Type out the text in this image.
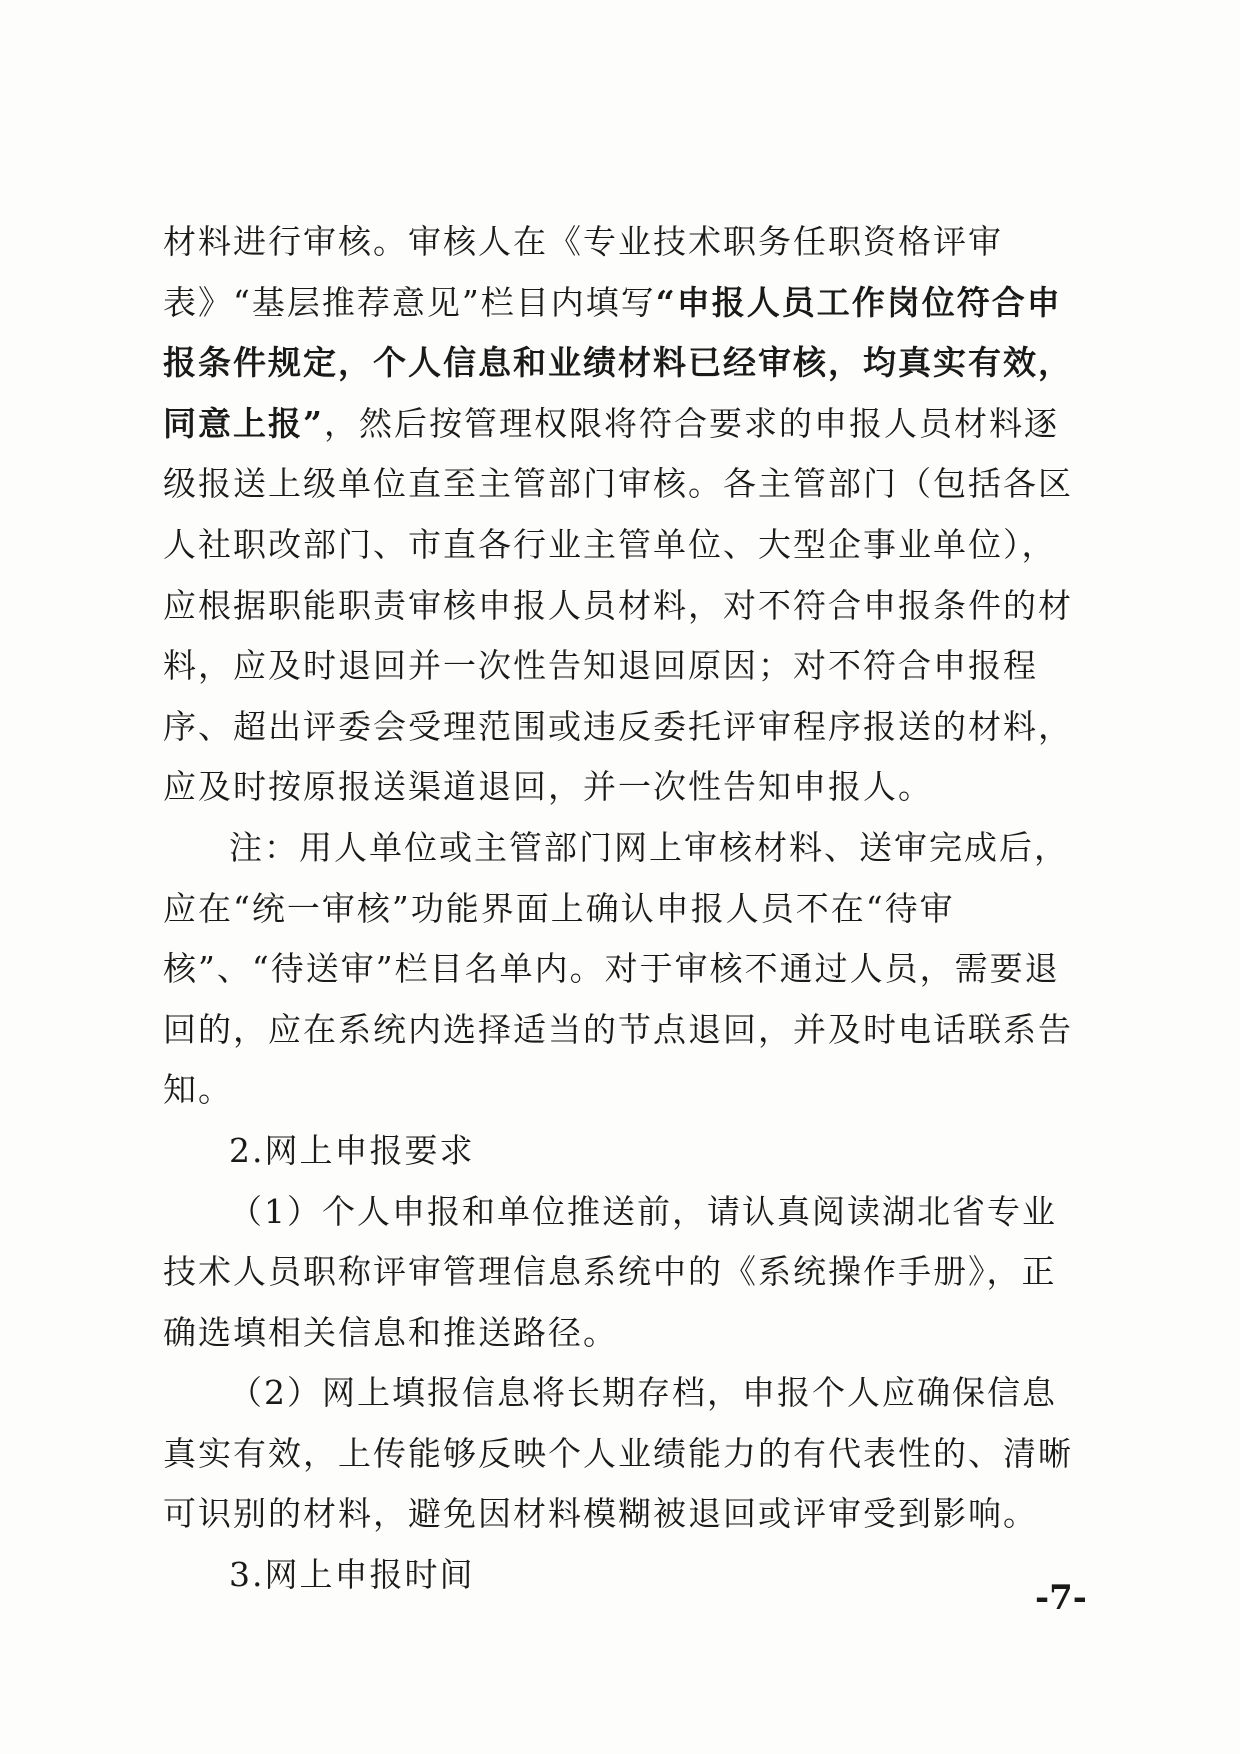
材料进行审核。审核人在《专业技术职务任职资格评审表》“基层推荐意见”栏目内填写“申报人员工作岗位符合申报条件规定，个人信息和业绩材料已经审核，均真实有效，同意上报”，然后按管理权限将符合要求的申报人员材料逐级报送上级单位直至主管部门审核。各主管部门（包括各区人社职改部门、市直各行业主管单位、大型企事业单位），应根据职能职责审核申报人员材料，对不符合申报条件的材料，应及时退回并一次性告知退回原因；对不符合申报程序、超出评委会受理范围或违反委托评审程序报送的材料，应及时按原报送渠道退回，并一次性告知申报人。

注：用人单位或主管部门网上审核材料、送审完成后，应在“统一审核”功能界面上确认申报人员不在“待审核”、“待送审”栏目名单内。对于审核不通过人员，需要退回的，应在系统内选择适当的节点退回，并及时电话联系告知。

2.网上申报要求

（1）个人申报和单位推送前，请认真阅读湖北省专业技术人员职称评审管理信息系统中的《系统操作手册》，正确选填相关信息和推送路径。

（2）网上填报信息将长期存档，申报个人应确保信息真实有效，上传能够反映个人业绩能力的有代表性的、清晰可识别的材料，避免因材料模糊被退回或评审受到影响。

3.网上申报时间

-7-
